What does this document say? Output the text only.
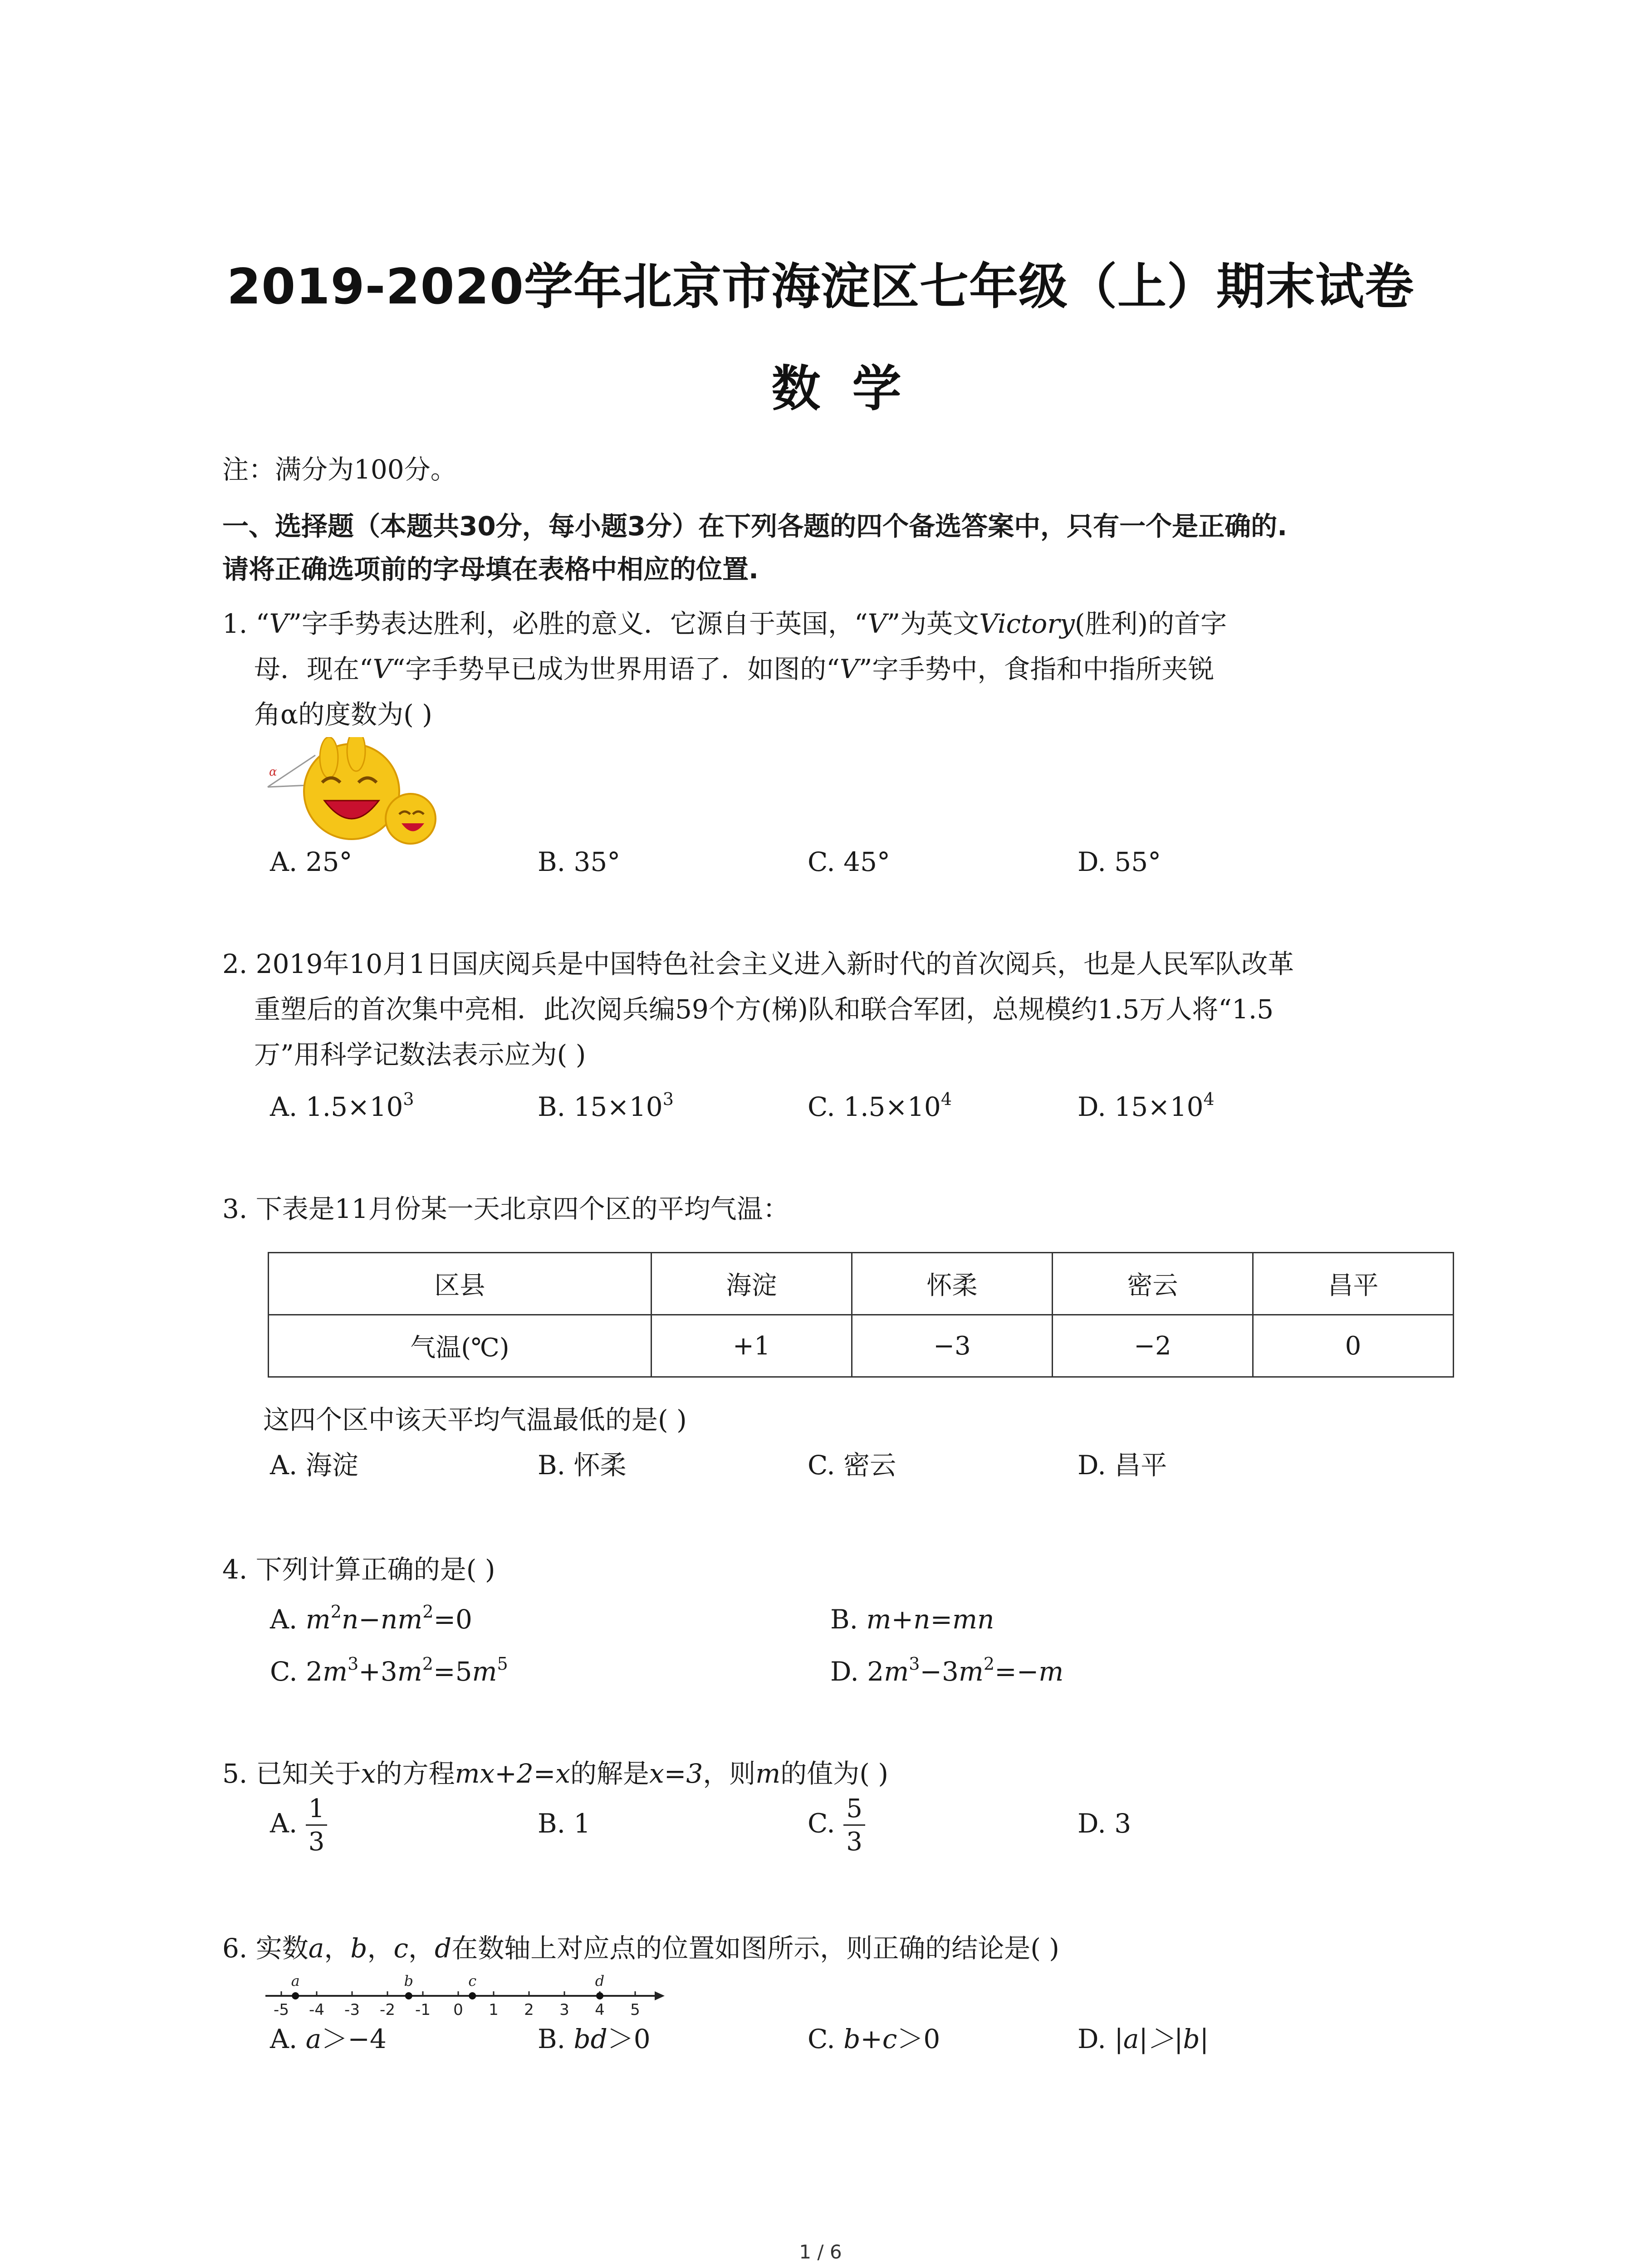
2019-2020学年北京市海淀区七年级（上）期末试卷
数学
注：满分为100分。
一、选择题（本题共30分，每小题3分）在下列各题的四个备选答案中，只有一个是正确的.
请将正确选项前的字母填在表格中相应的位置.
1. “V”字手势表达胜利，必胜的意义．它源自于英国，“V”为英文Victory(胜利)的首字
母．现在“V“字手势早已成为世界用语了．如图的“V”字手势中，食指和中指所夹锐
角α的度数为( )
α
A. 25°	B. 35°	C. 45°	D. 55°
2. 2019年10月1日国庆阅兵是中国特色社会主义进入新时代的首次阅兵，也是人民军队改革
重塑后的首次集中亮相．此次阅兵编59个方(梯)队和联合军团，总规模约1.5万人将“1.5
万”用科学记数法表示应为( )
A. $1.5\times 10^3$	B. $15\times 10^3$	C. $1.5\times 10^4$	D. $15\times 10^4$
3. 下表是11月份某一天北京四个区的平均气温：
区县	海淀	怀柔	密云	昌平
气温(℃)	+1	−3	−2	0
这四个区中该天平均气温最低的是( )
A. 海淀	B. 怀柔	C. 密云	D. 昌平
4. 下列计算正确的是( )
A. $m^2n-nm^2=0$	B. m+n=mn
C. $2m^3+3m^2=5m^5$	D. $2m^3-3m^2=-m$
5. 已知关于x的方程mx+2=x的解是x=3，则m的值为( )
A. $\frac{1}{3}$	B. 1	C. $\frac{5}{3}$	D. 3
6. 实数a，b，c，d在数轴上对应点的位置如图所示，则正确的结论是( )
-5 -4 -3 -2 -1 0 1 2 3 4 5
a	b	c	d
A. a＞−4	B. bd＞0	C. b+c＞0	D. |a|＞|b|
1 / 6
